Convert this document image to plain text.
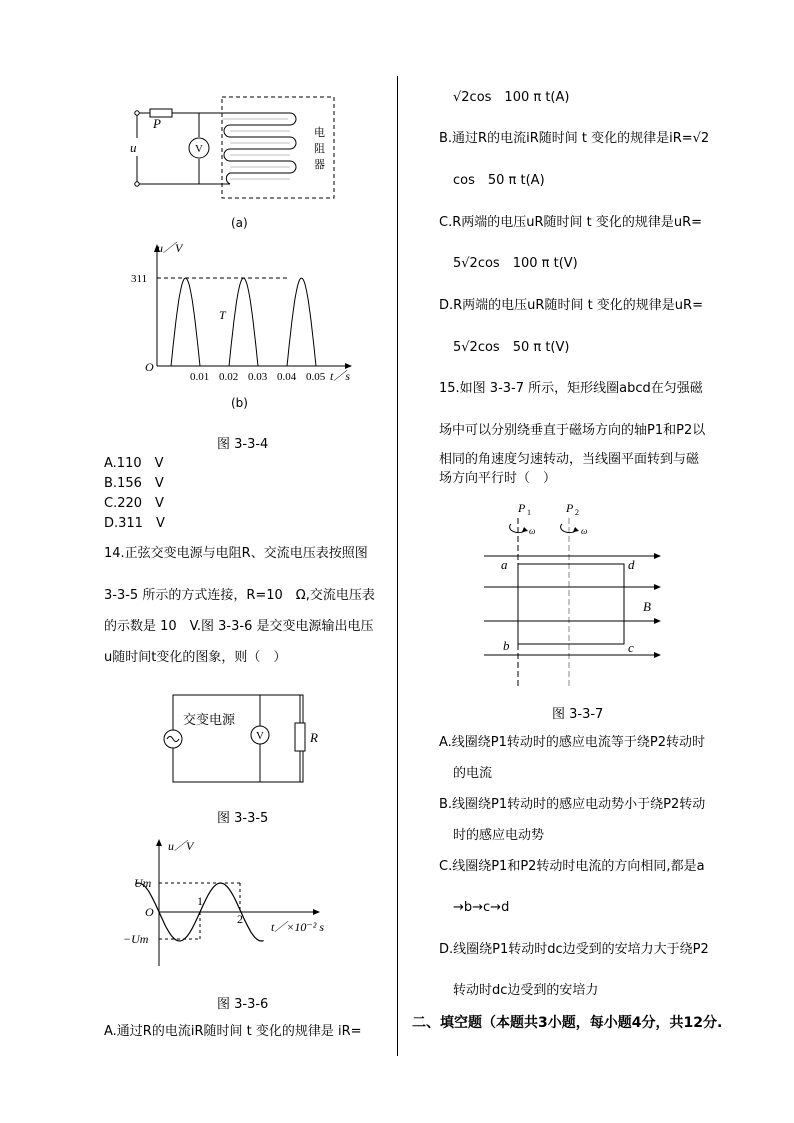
V
P
u
电
阻
器
(a)
u／V
t／s
311
O
T
0.01 0.02 0.03 0.04 0.05
(b)
图 3-3-4
A.110　V
B.156　V
C.220　V
D.311　V
14.正弦交变电源与电阻R、交流电压表按照图
3-3-5 所示的方式连接，R=10　Ω,交流电压表
的示数是 10　V.图 3-3-6 是交变电源输出电压
u随时间t变化的图象，则（　）
V	R
交变电源
图 3-3-5
u／V
t／×10⁻² s
Um
O
−Um
1
2
图 3-3-6
A.通过R的电流iR随时间 t 变化的规律是 iR=
√2cos　100 π t(A)
B.通过R的电流iR随时间 t 变化的规律是iR=√2
cos　50 π t(A)
C.R两端的电压uR随时间 t 变化的规律是uR=
5√2cos　100 π t(V)
D.R两端的电压uR随时间 t 变化的规律是uR=
5√2cos　50 π t(V)
15.如图 3-3-7 所示，矩形线圈abcd在匀强磁
场中可以分别绕垂直于磁场方向的轴P1和P2以
相同的角速度匀速转动，当线圈平面转到与磁
场方向平行时（　）
P 1	P 2
ω	ω
a
b	c
d
B
图 3-3-7
A.线圈绕P1转动时的感应电流等于绕P2转动时
的电流
B.线圈绕P1转动时的感应电动势小于绕P2转动
时的感应电动势
C.线圈绕P1和P2转动时电流的方向相同,都是a
→b→c→d
D.线圈绕P1转动时dc边受到的安培力大于绕P2
转动时dc边受到的安培力
二、填空题（本题共3小题，每小题4分，共12分.
